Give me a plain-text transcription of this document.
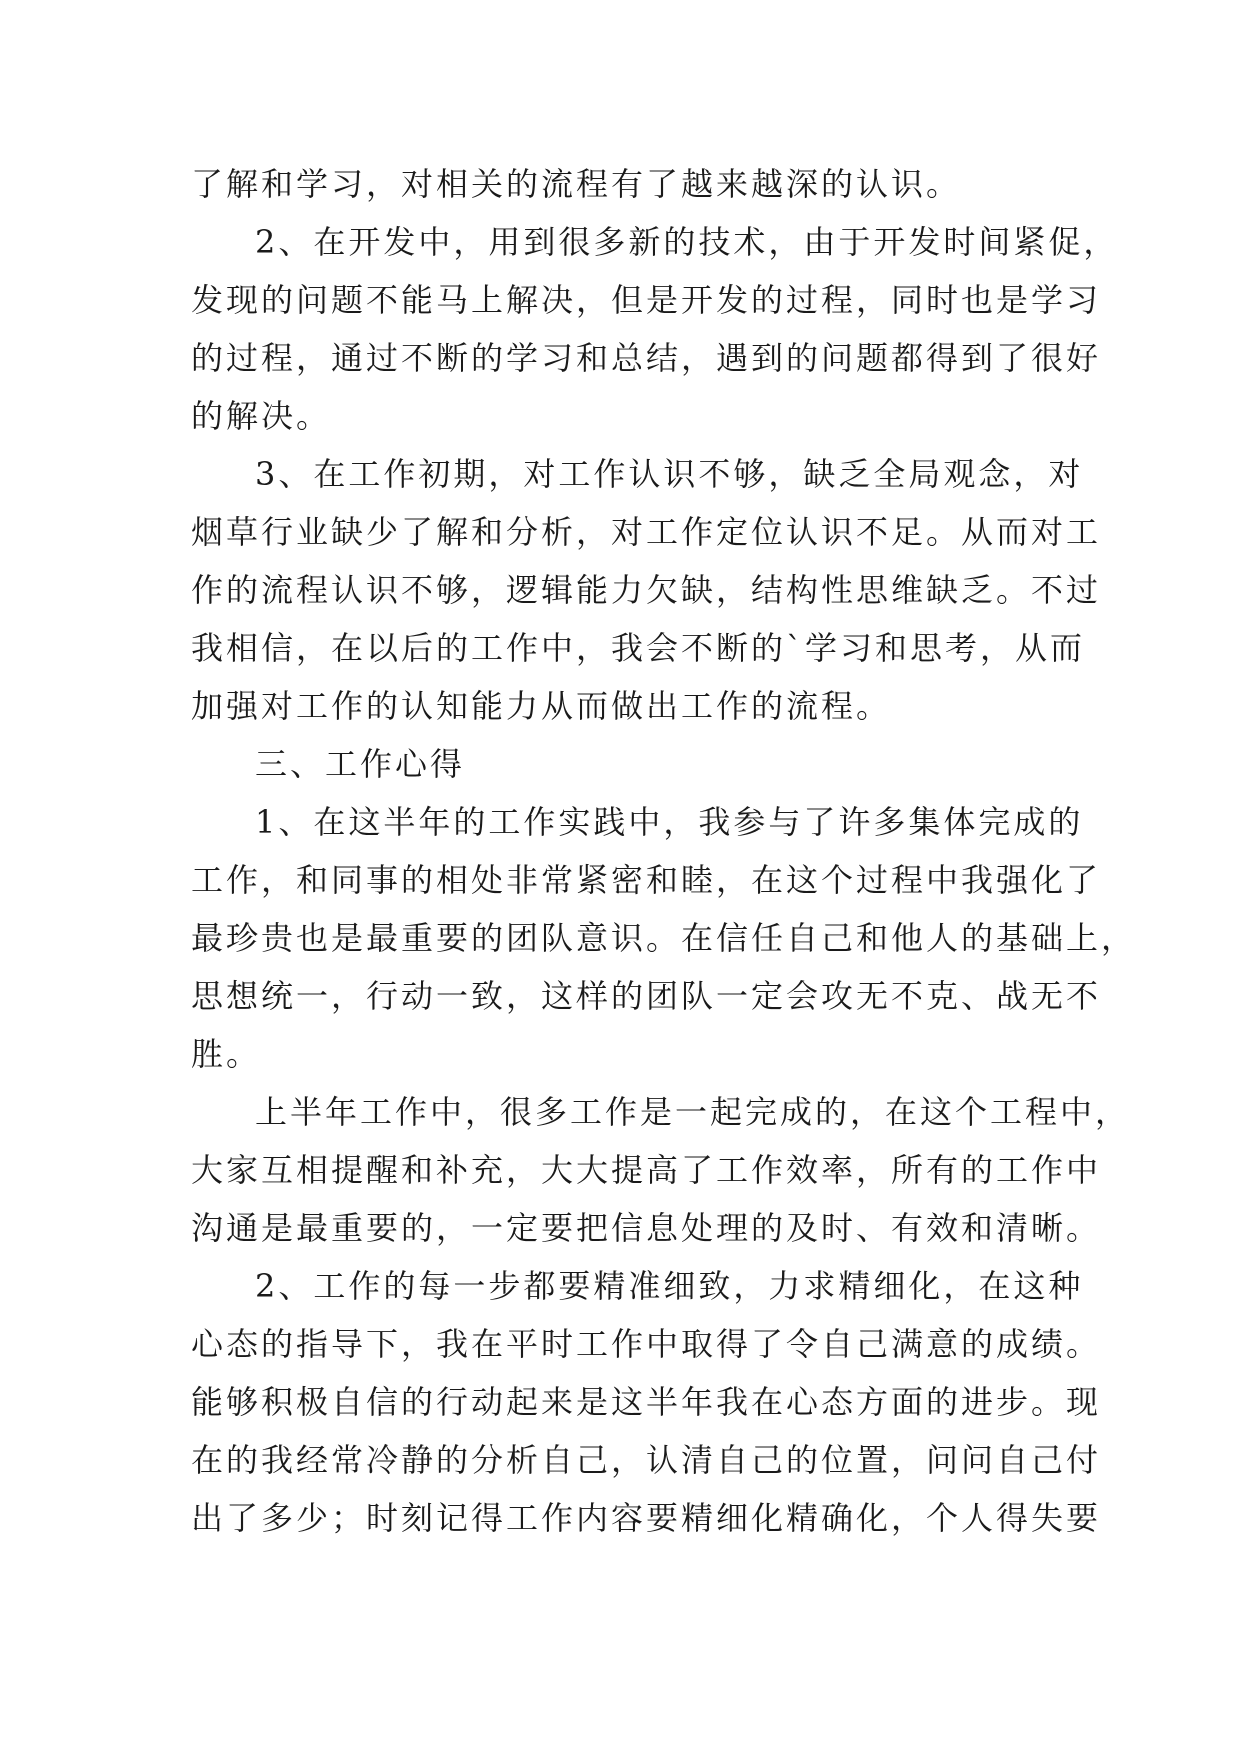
了解和学习，对相关的流程有了越来越深的认识。
2、在开发中，用到很多新的技术，由于开发时间紧促，
发现的问题不能马上解决，但是开发的过程，同时也是学习
的过程，通过不断的学习和总结，遇到的问题都得到了很好
的解决。
3、在工作初期，对工作认识不够，缺乏全局观念，对
烟草行业缺少了解和分析，对工作定位认识不足。从而对工
作的流程认识不够，逻辑能力欠缺，结构性思维缺乏。不过
我相信，在以后的工作中，我会不断的`学习和思考，从而
加强对工作的认知能力从而做出工作的流程。
三、工作心得
1、在这半年的工作实践中，我参与了许多集体完成的
工作，和同事的相处非常紧密和睦，在这个过程中我强化了
最珍贵也是最重要的团队意识。在信任自己和他人的基础上，
思想统一，行动一致，这样的团队一定会攻无不克、战无不
胜。
上半年工作中，很多工作是一起完成的，在这个工程中，
大家互相提醒和补充，大大提高了工作效率，所有的工作中
沟通是最重要的，一定要把信息处理的及时、有效和清晰。
2、工作的每一步都要精准细致，力求精细化，在这种
心态的指导下，我在平时工作中取得了令自己满意的成绩。
能够积极自信的行动起来是这半年我在心态方面的进步。现
在的我经常冷静的分析自己，认清自己的位置，问问自己付
出了多少；时刻记得工作内容要精细化精确化，个人得失要
